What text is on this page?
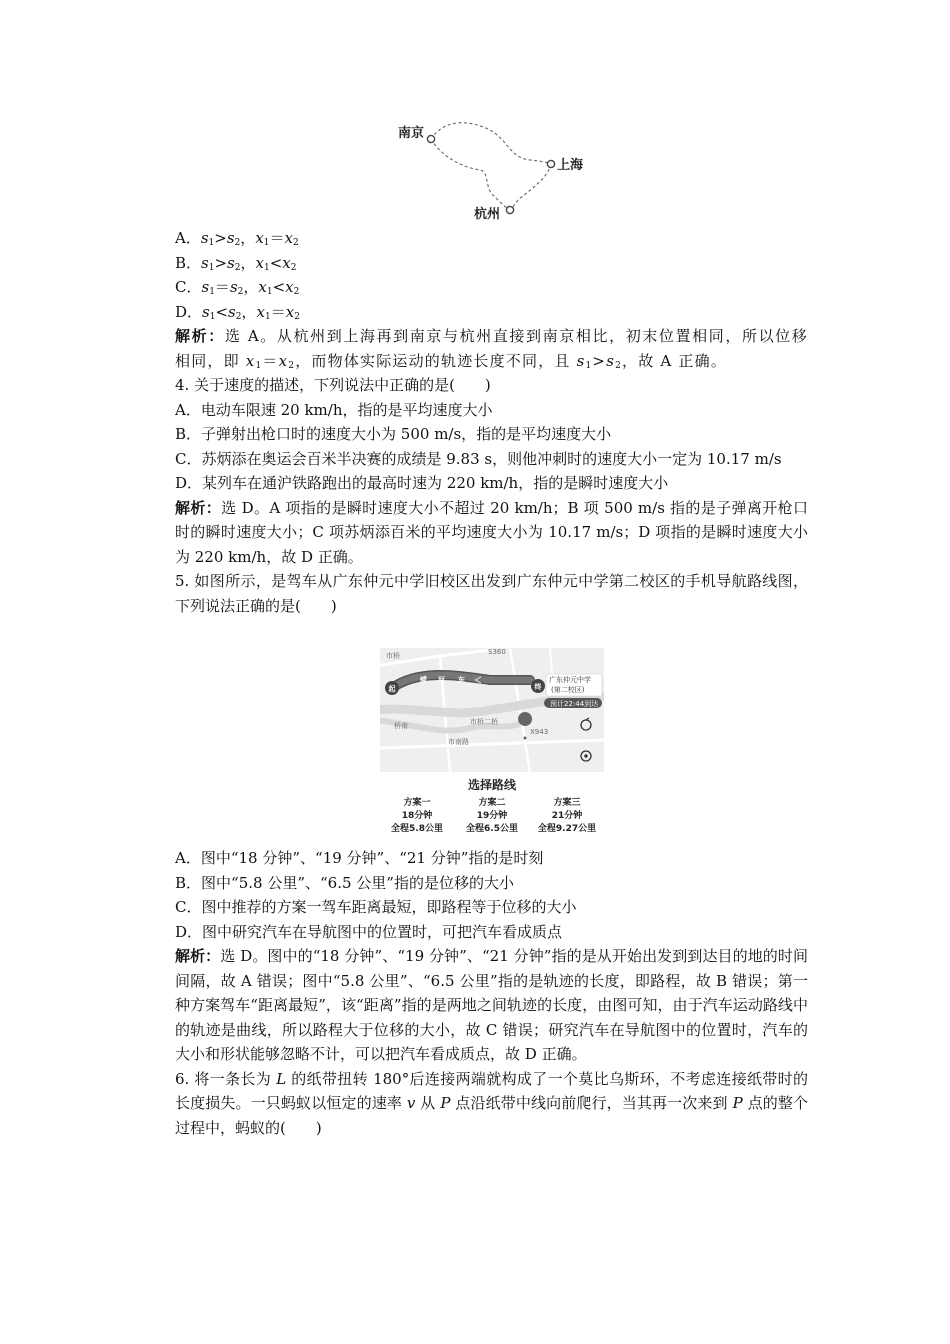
南京
上海
杭州

A．$s_1>s_2$，$x_1=x_2$

B．$s_1>s_2$，$x_1<x_2$

C．$s_1=s_2$，$x_1<x_2$

D．$s_1<s_2$，$x_1=x_2$

解析：选 A。从杭州到上海再到南京与杭州直接到南京相比，初末位置相同，所以位移相同，即 $x_1=x_2$，而物体实际运动的轨迹长度不同，且 $s_1>s_2$，故 A 正确。

4. 关于速度的描述，下列说法中正确的是(　　)

A．电动车限速 20 km/h，指的是平均速度大小

B．子弹射出枪口时的速度大小为 500 m/s，指的是平均速度大小

C．苏炳添在奥运会百米半决赛的成绩是 9.83 s，则他冲刺时的速度大小一定为 10.17 m/s

D．某列车在通沪铁路跑出的最高时速为 220 km/h，指的是瞬时速度大小

解析：选 D。A 项指的是瞬时速度大小不超过 20 km/h；B 项 500 m/s 指的是子弹离开枪口时的瞬时速度大小；C 项苏炳添百米的平均速度大小为 10.17 m/s；D 项指的是瞬时速度大小为 220 km/h，故 D 正确。

5. 如图所示，是驾车从广东仲元中学旧校区出发到广东仲元中学第二校区的手机导航路线图，下列说法正确的是(　　)

市桥	S360
清 河 东
起	终
广东仲元中学
(第二校区)
预计22:44到达
桥南	市桥二桥
市南路
X943
选择路线
方案一
18分钟
全程5.8公里
方案二
19分钟
全程6.5公里
方案三
21分钟
全程9.27公里

A．图中“18 分钟”、“19 分钟”、“21 分钟”指的是时刻

B．图中“5.8 公里”、“6.5 公里”指的是位移的大小

C．图中推荐的方案一驾车距离最短，即路程等于位移的大小

D．图中研究汽车在导航图中的位置时，可把汽车看成质点

解析：选 D。图中的“18 分钟”、“19 分钟”、“21 分钟”指的是从开始出发到到达目的地的时间间隔，故 A 错误；图中“5.8 公里”、“6.5 公里”指的是轨迹的长度，即路程，故 B 错误；第一种方案驾车“距离最短”，该“距离”指的是两地之间轨迹的长度，由图可知，由于汽车运动路线中的轨迹是曲线，所以路程大于位移的大小，故 C 错误；研究汽车在导航图中的位置时，汽车的大小和形状能够忽略不计，可以把汽车看成质点，故 D 正确。

6. 将一条长为 L 的纸带扭转 180°后连接两端就构成了一个莫比乌斯环，不考虑连接纸带时的长度损失。一只蚂蚁以恒定的速率 v 从 P 点沿纸带中线向前爬行，当其再一次来到 P 点的整个过程中，蚂蚁的(　　)
